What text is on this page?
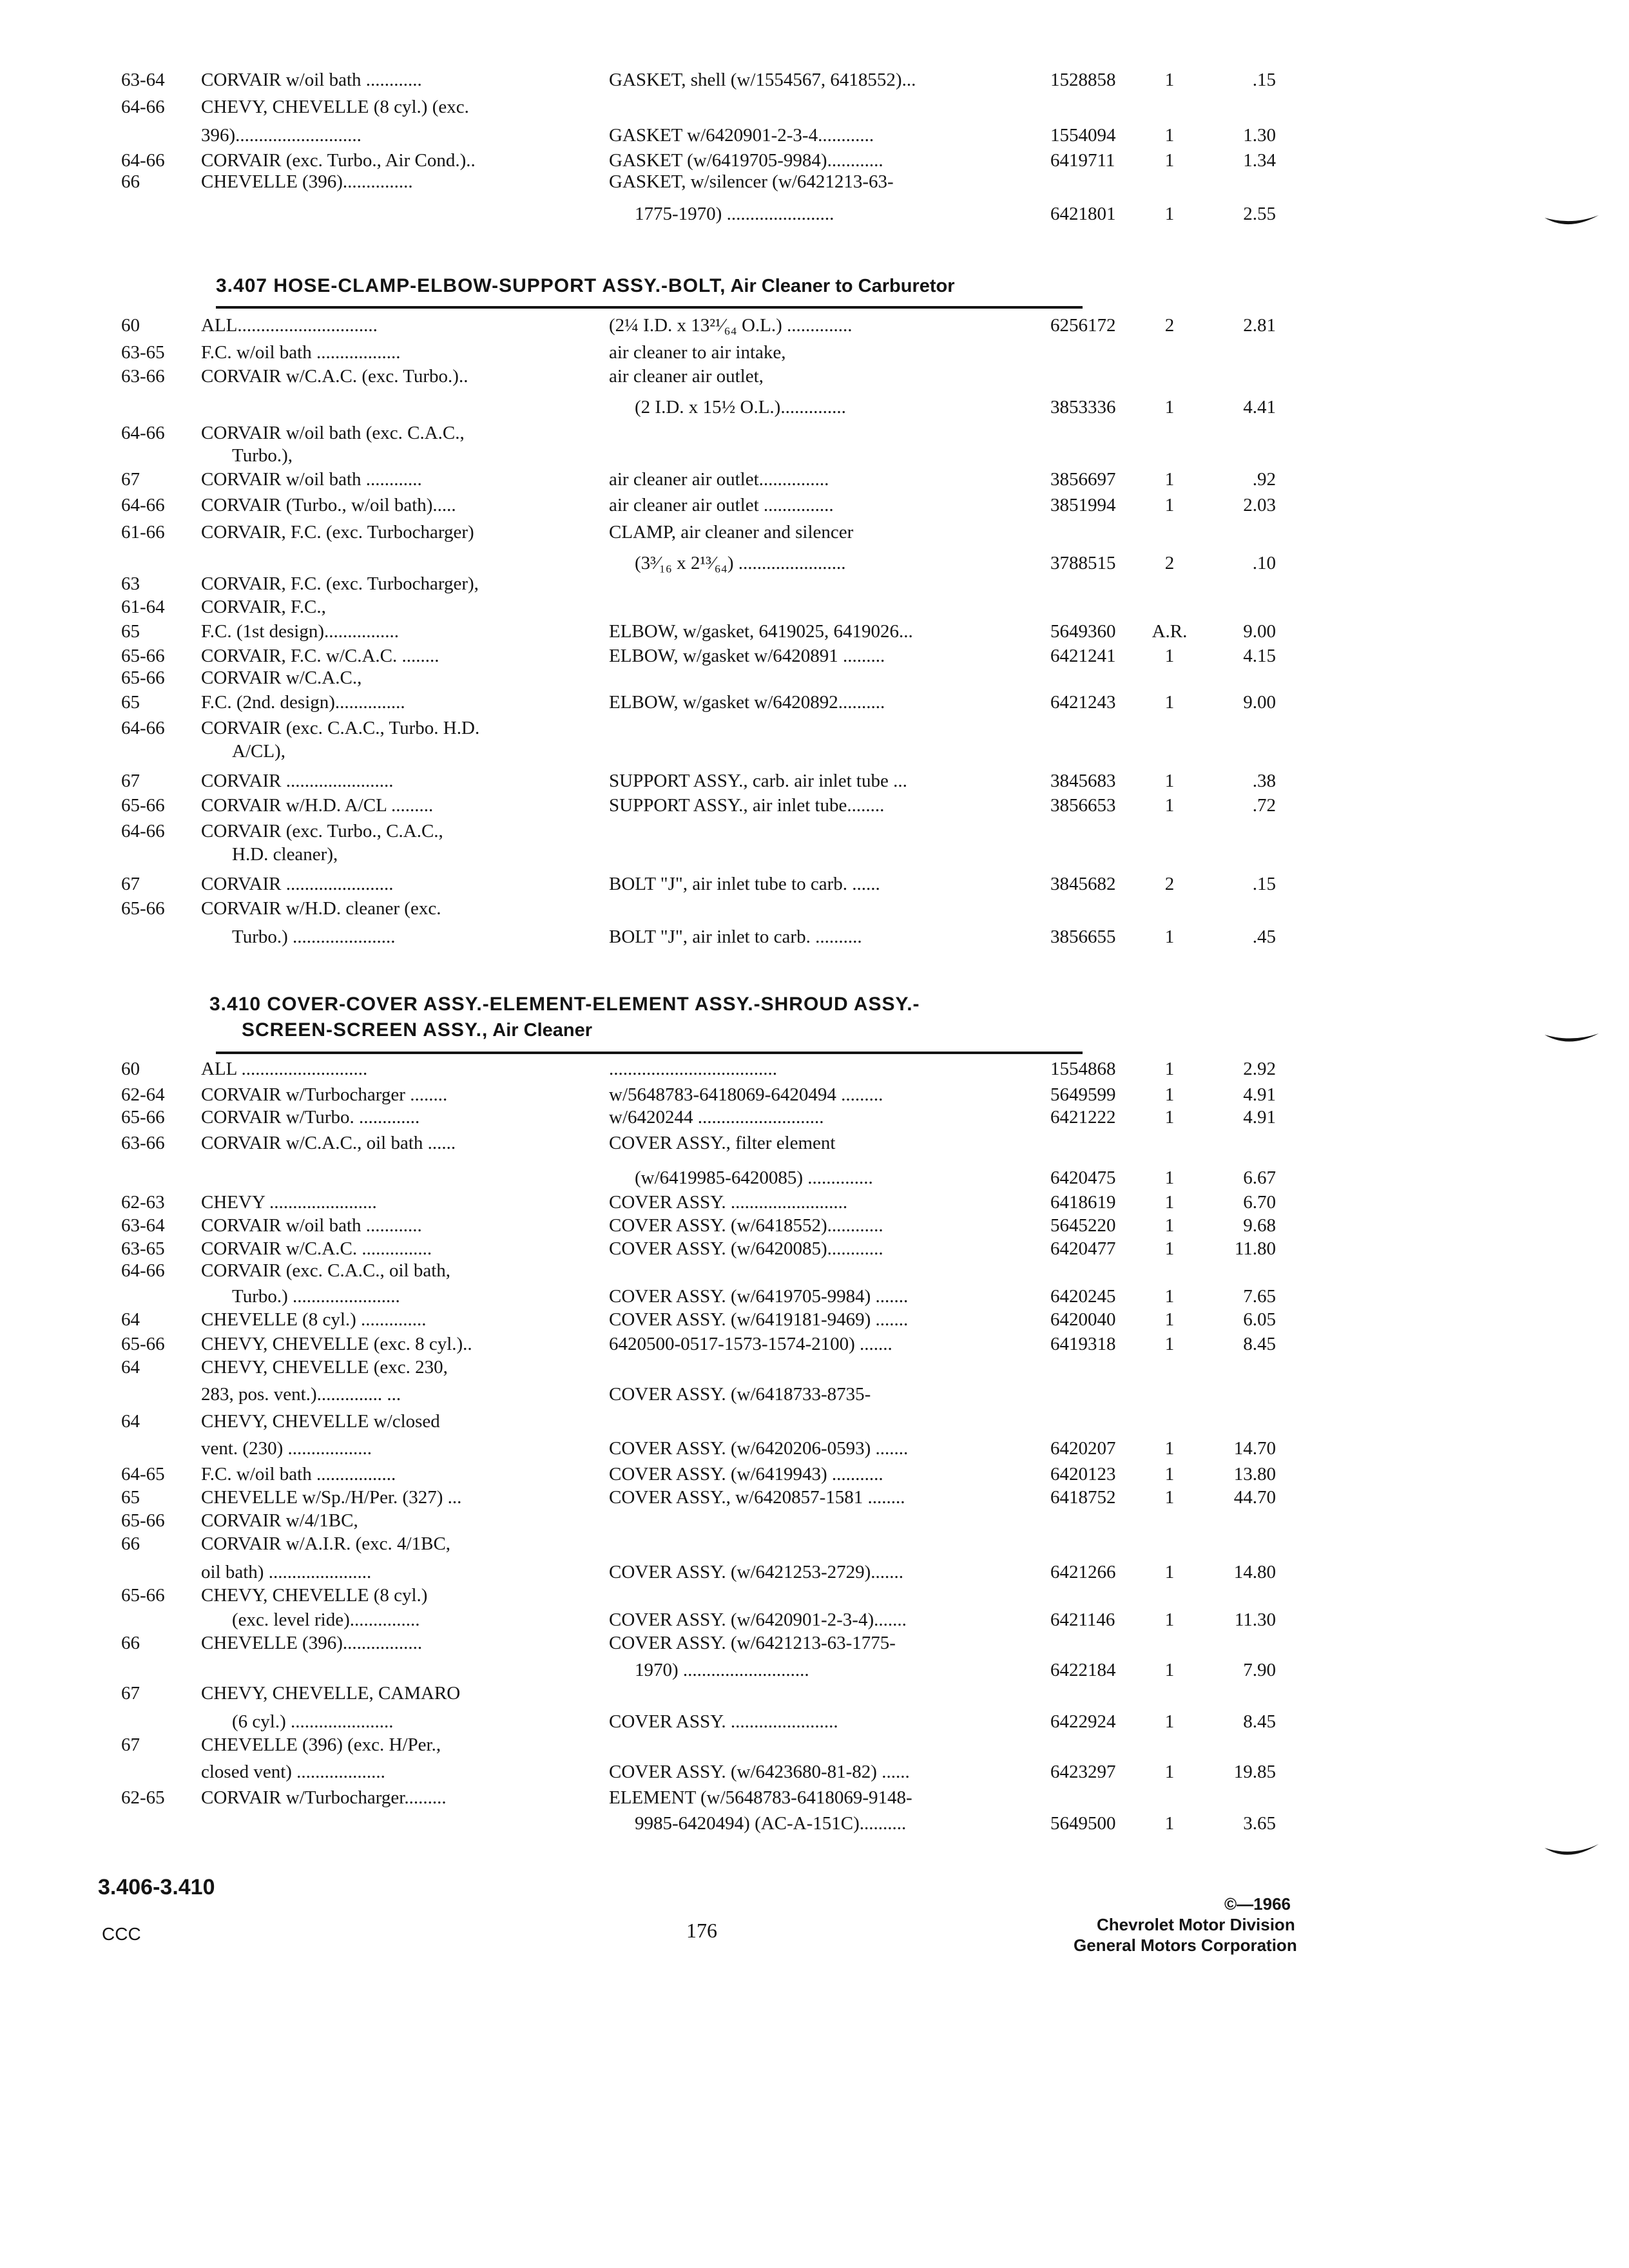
63-64	CORVAIR w/oil bath ............	GASKET, shell (w/1554567, 6418552)...	1528858	1	.15
64-66	CHEVY, CHEVELLE (8 cyl.) (exc.
396)...........................	GASKET w/6420901-2-3-4............	1554094	1	1.30
64-66	CORVAIR (exc. Turbo., Air Cond.)..	GASKET (w/6419705-9984)............	6419711	1	1.34
66	CHEVELLE (396)...............	GASKET, w/silencer (w/6421213-63-
1775-1970) .......................	6421801	1	2.55
3.407 HOSE-CLAMP-ELBOW-SUPPORT ASSY.-BOLT, Air Cleaner to Carburetor
60	ALL..............................	(2¼ I.D. x 13²¹⁄₆₄ O.L.) ..............	6256172	2	2.81
63-65	F.C. w/oil bath ..................	air cleaner to air intake,
63-66	CORVAIR w/C.A.C. (exc. Turbo.)..	air cleaner air outlet,
(2 I.D. x 15½ O.L.)..............	3853336	1	4.41
64-66	CORVAIR w/oil bath (exc. C.A.C.,
Turbo.),
67	CORVAIR w/oil bath ............	air cleaner air outlet...............	3856697	1	.92
64-66	CORVAIR (Turbo., w/oil bath).....	air cleaner air outlet ...............	3851994	1	2.03
61-66	CORVAIR, F.C. (exc. Turbocharger)	CLAMP, air cleaner and silencer
(3³⁄₁₆ x 2¹³⁄₆₄) .......................	3788515	2	.10
63	CORVAIR, F.C. (exc. Turbocharger),
61-64	CORVAIR, F.C.,
65	F.C. (1st design)................	ELBOW, w/gasket, 6419025, 6419026...	5649360	A.R.	9.00
65-66	CORVAIR, F.C. w/C.A.C. ........	ELBOW, w/gasket w/6420891 .........	6421241	1	4.15
65-66	CORVAIR w/C.A.C.,
65	F.C. (2nd. design)...............	ELBOW, w/gasket w/6420892..........	6421243	1	9.00
64-66	CORVAIR (exc. C.A.C., Turbo. H.D.
A/CL),
67	CORVAIR .......................	SUPPORT ASSY., carb. air inlet tube ...	3845683	1	.38
65-66	CORVAIR w/H.D. A/CL .........	SUPPORT ASSY., air inlet tube........	3856653	1	.72
64-66	CORVAIR (exc. Turbo., C.A.C.,
H.D. cleaner),
67	CORVAIR .......................	BOLT "J", air inlet tube to carb. ......	3845682	2	.15
65-66	CORVAIR w/H.D. cleaner (exc.
Turbo.) ......................	BOLT "J", air inlet to carb. ..........	3856655	1	.45
3.410 COVER-COVER ASSY.-ELEMENT-ELEMENT ASSY.-SHROUD ASSY.-
SCREEN-SCREEN ASSY., Air Cleaner
60	ALL ...........................	....................................	1554868	1	2.92
62-64	CORVAIR w/Turbocharger ........	w/5648783-6418069-6420494 .........	5649599	1	4.91
65-66	CORVAIR w/Turbo. .............	w/6420244 ...........................	6421222	1	4.91
63-66	CORVAIR w/C.A.C., oil bath ......	COVER ASSY., filter element
(w/6419985-6420085) ..............	6420475	1	6.67
62-63	CHEVY .......................	COVER ASSY. .........................	6418619	1	6.70
63-64	CORVAIR w/oil bath ............	COVER ASSY. (w/6418552)............	5645220	1	9.68
63-65	CORVAIR w/C.A.C. ...............	COVER ASSY. (w/6420085)............	6420477	1	11.80
64-66	CORVAIR (exc. C.A.C., oil bath,
Turbo.) .......................	COVER ASSY. (w/6419705-9984) .......	6420245	1	7.65
64	CHEVELLE (8 cyl.) ..............	COVER ASSY. (w/6419181-9469) .......	6420040	1	6.05
65-66	CHEVY, CHEVELLE (exc. 8 cyl.)..	6420500-0517-1573-1574-2100) .......	6419318	1	8.45
64	CHEVY, CHEVELLE (exc. 230,
283, pos. vent.).............. ...	COVER ASSY. (w/6418733-8735-
64	CHEVY, CHEVELLE w/closed
vent. (230) ..................	COVER ASSY. (w/6420206-0593) .......	6420207	1	14.70
64-65	F.C. w/oil bath .................	COVER ASSY. (w/6419943) ...........	6420123	1	13.80
65	CHEVELLE w/Sp./H/Per. (327) ...	COVER ASSY., w/6420857-1581 ........	6418752	1	44.70
65-66	CORVAIR w/4/1BC,
66	CORVAIR w/A.I.R. (exc. 4/1BC,
oil bath) ......................	COVER ASSY. (w/6421253-2729).......	6421266	1	14.80
65-66	CHEVY, CHEVELLE (8 cyl.)
(exc. level ride)...............	COVER ASSY. (w/6420901-2-3-4).......	6421146	1	11.30
66	CHEVELLE (396).................	COVER ASSY. (w/6421213-63-1775-
1970) ...........................	6422184	1	7.90
67	CHEVY, CHEVELLE, CAMARO
(6 cyl.) ......................	COVER ASSY. .......................	6422924	1	8.45
67	CHEVELLE (396) (exc. H/Per.,
closed vent) ...................	COVER ASSY. (w/6423680-81-82) ......	6423297	1	19.85
62-65	CORVAIR w/Turbocharger.........	ELEMENT (w/5648783-6418069-9148-
9985-6420494) (AC-A-151C)..........	5649500	1	3.65
3.406-3.410
CCC	176
©—1966
Chevrolet Motor Division
General Motors Corporation
